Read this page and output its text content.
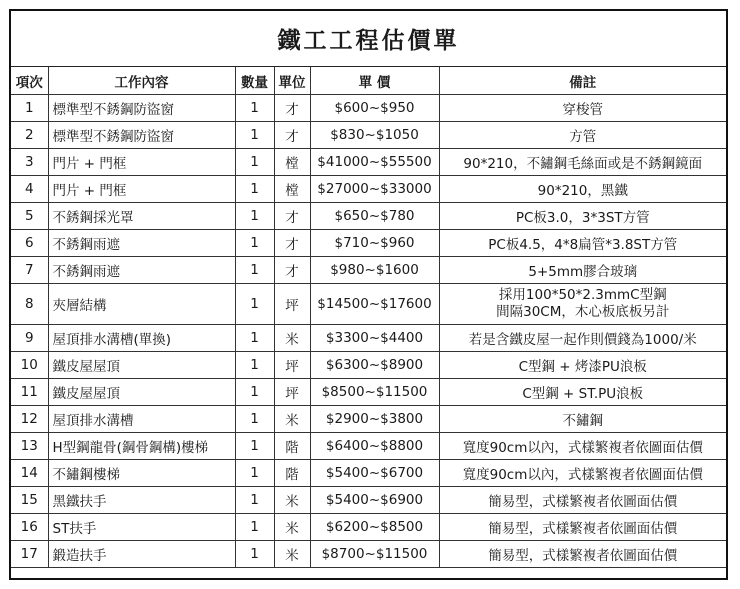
鐵工工程估價單
項次	工作內容	數量	單位	單 價	備註
1	標準型不銹鋼防盜窗	1	才	$600~$950	穿梭管
2	標準型不銹鋼防盜窗	1	才	$830~$1050	方管
3	門片 + 門框	1	樘	$41000~$55500	90*210，不鏽鋼毛絲面或是不銹鋼鏡面
4	門片 + 門框	1	樘	$27000~$33000	90*210，黑鐵
5	不銹鋼採光罩	1	才	$650~$780	PC板3.0，3*3ST方管
6	不銹鋼雨遮	1	才	$710~$960	PC板4.5，4*8扁管*3.8ST方管
7	不銹鋼雨遮	1	才	$980~$1600	5+5mm膠合玻璃
8	夾層結構	1	坪	$14500~$17600	採用100*50*2.3mmC型鋼
間隔30CM，木心板底板另計

9	屋頂排水溝槽(單換)	1	米	$3300~$4400	若是含鐵皮屋一起作則價錢為1000/米
10	鐵皮屋屋頂	1	坪	$6300~$8900	C型鋼 + 烤漆PU浪板
11	鐵皮屋屋頂	1	坪	$8500~$11500	C型鋼 + ST.PU浪板
12	屋頂排水溝槽	1	米	$2900~$3800	不鏽鋼
13	H型鋼龍骨(鋼骨鋼構)樓梯	1	階	$6400~$8800	寬度90cm以內，式樣繁複者依圖面估價
14	不鏽鋼樓梯	1	階	$5400~$6700	寬度90cm以內，式樣繁複者依圖面估價
15	黑鐵扶手	1	米	$5400~$6900	簡易型，式樣繁複者依圖面估價
16	ST扶手	1	米	$6200~$8500	簡易型，式樣繁複者依圖面估價
17	鍛造扶手	1	米	$8700~$11500	簡易型，式樣繁複者依圖面估價
